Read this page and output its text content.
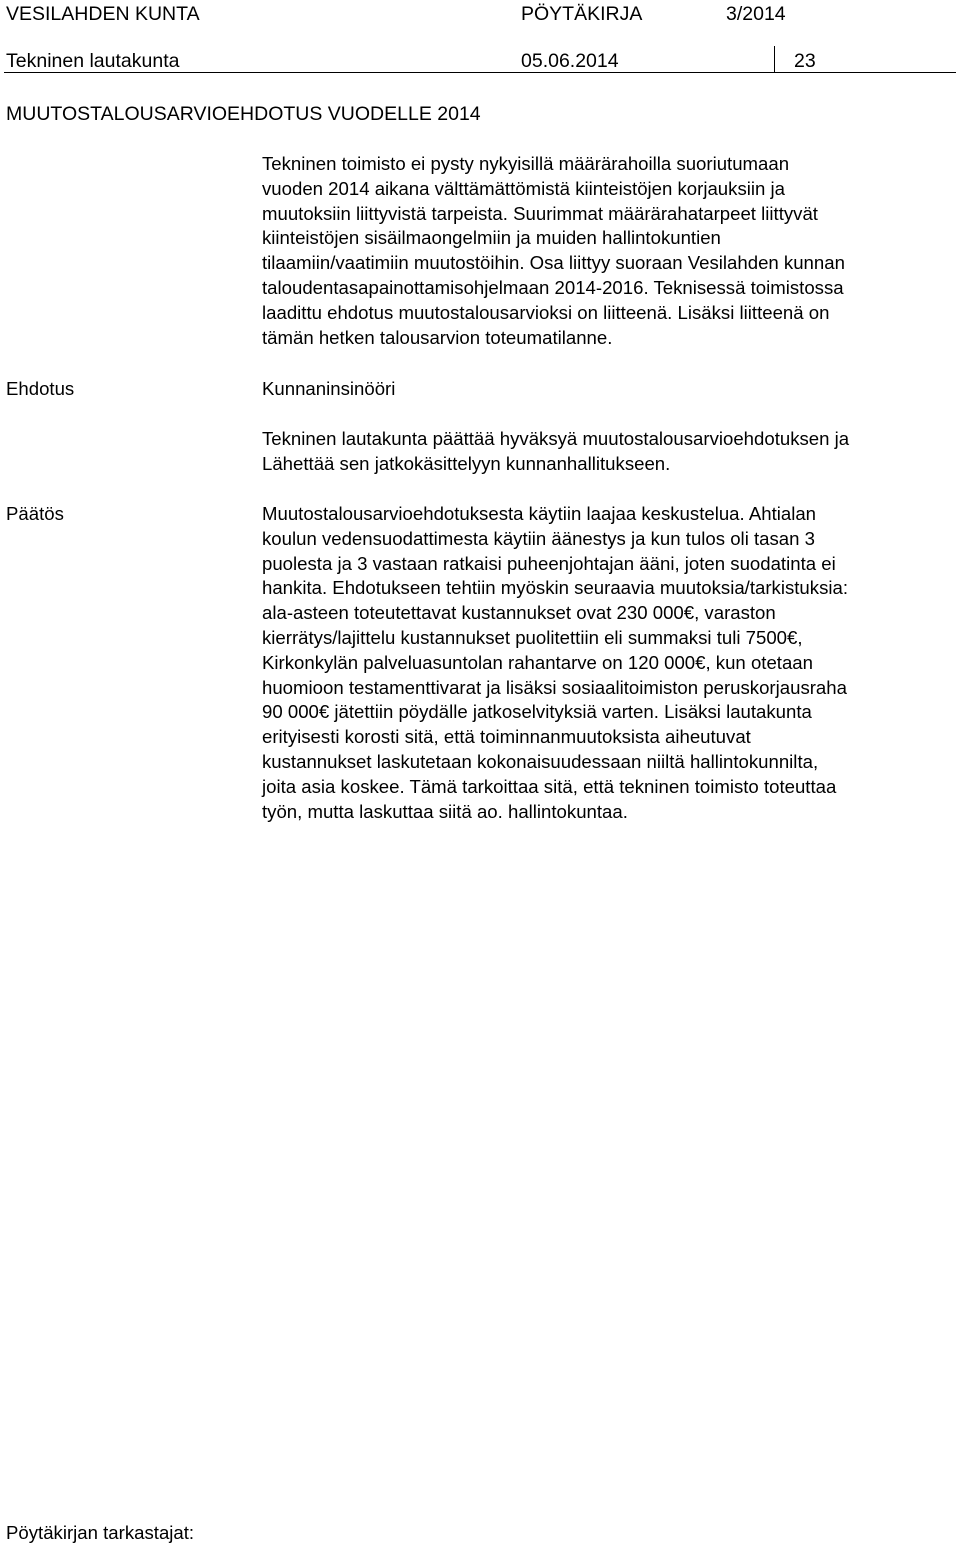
VESILAHDEN KUNTA	PÖYTÄKIRJA	3/2014
Tekninen lautakunta	05.06.2014	23
MUUTOSTALOUSARVIOEHDOTUS VUODELLE 2014

Tekninen toimisto ei pysty nykyisillä määrärahoilla suoriutumaan

vuoden 2014 aikana välttämättömistä kiinteistöjen korjauksiin ja

muutoksiin liittyvistä tarpeista. Suurimmat määrärahatarpeet liittyvät

kiinteistöjen sisäilmaongelmiin ja muiden hallintokuntien

tilaamiin/vaatimiin muutostöihin. Osa liittyy suoraan Vesilahden kunnan

taloudentasapainottamisohjelmaan 2014-2016. Teknisessä toimistossa

laadittu ehdotus muutostalousarvioksi on liitteenä. Lisäksi liitteenä on

tämän hetken talousarvion toteumatilanne.

Ehdotus	Kunnaninsinööri

Tekninen lautakunta päättää hyväksyä muutostalousarvioehdotuksen ja

Lähettää sen jatkokäsittelyyn kunnanhallitukseen.

Päätös	Muutostalousarvioehdotuksesta käytiin laajaa keskustelua. Ahtialan

koulun vedensuodattimesta käytiin äänestys ja kun tulos oli tasan 3

puolesta ja 3 vastaan ratkaisi puheenjohtajan ääni, joten suodatinta ei

hankita. Ehdotukseen tehtiin myöskin seuraavia muutoksia/tarkistuksia:

ala-asteen toteutettavat kustannukset ovat 230 000€, varaston

kierrätys/lajittelu kustannukset puolitettiin eli summaksi tuli 7500€,

Kirkonkylän palveluasuntolan rahantarve on 120 000€, kun otetaan

huomioon testamenttivarat ja lisäksi sosiaalitoimiston peruskorjausraha

90 000€ jätettiin pöydälle jatkoselvityksiä varten. Lisäksi lautakunta

erityisesti korosti sitä, että toiminnanmuutoksista aiheutuvat

kustannukset laskutetaan kokonaisuudessaan niiltä hallintokunnilta,

joita asia koskee. Tämä tarkoittaa sitä, että tekninen toimisto toteuttaa

työn, mutta laskuttaa siitä ao. hallintokuntaa.

Pöytäkirjan tarkastajat:
